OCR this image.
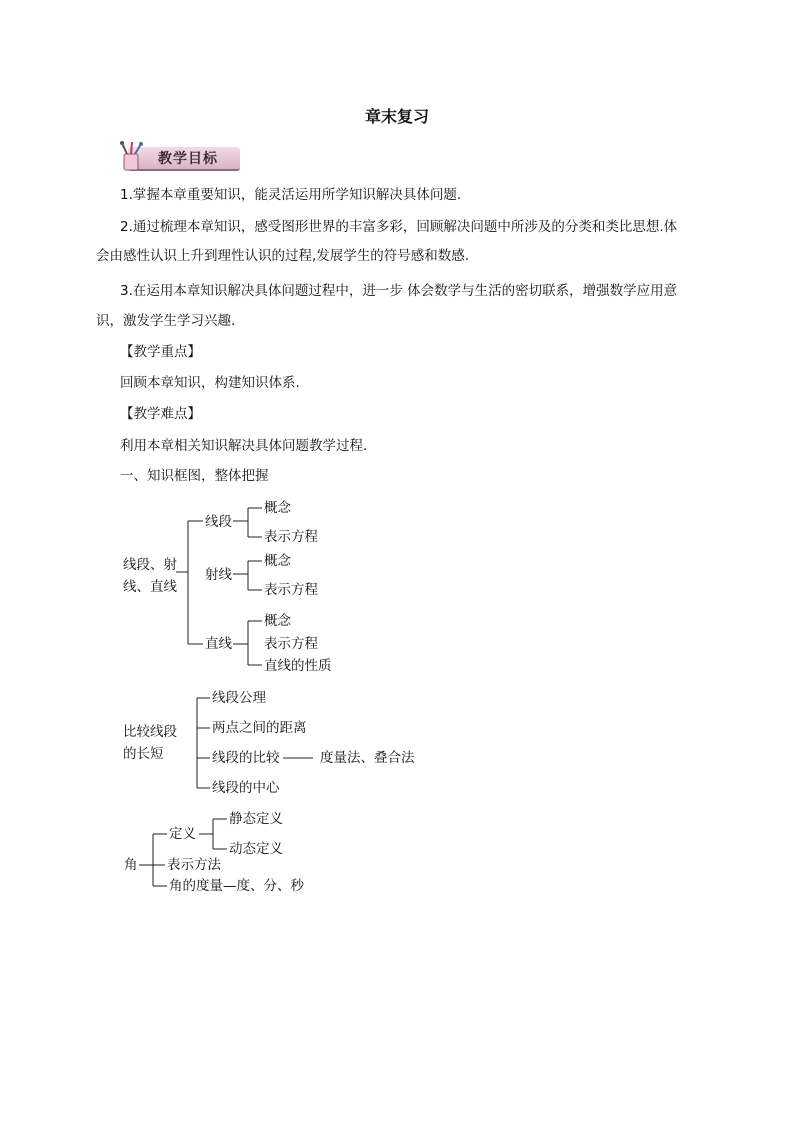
章末复习
教学目标
1.掌握本章重要知识，能灵活运用所学知识解决具体问题.
2.通过梳理本章知识，感受图形世界的丰富多彩，回顾解决问题中所涉及的分类和类比思想.体
会由感性认识上升到理性认识的过程,发展学生的符号感和数感.
3.在运用本章知识解决具体问题过程中，进一步 体会数学与生活的密切联系，增强数学应用意
识，激发学生学习兴趣.
【教学重点】
回顾本章知识，构建知识体系.
【教学难点】
利用本章相关知识解决具体问题教学过程.
一、知识框图，整体把握
线段、射
线、直线
线段
概念
表示方程
射线
概念
表示方程
直线
概念
表示方程
直线的性质
比较线段
的长短
线段公理
两点之间的距离
线段的比较	度量法、叠合法
线段的中心
角
定义
静态定义
动态定义
表示方法
角的度量—度、分、秒
